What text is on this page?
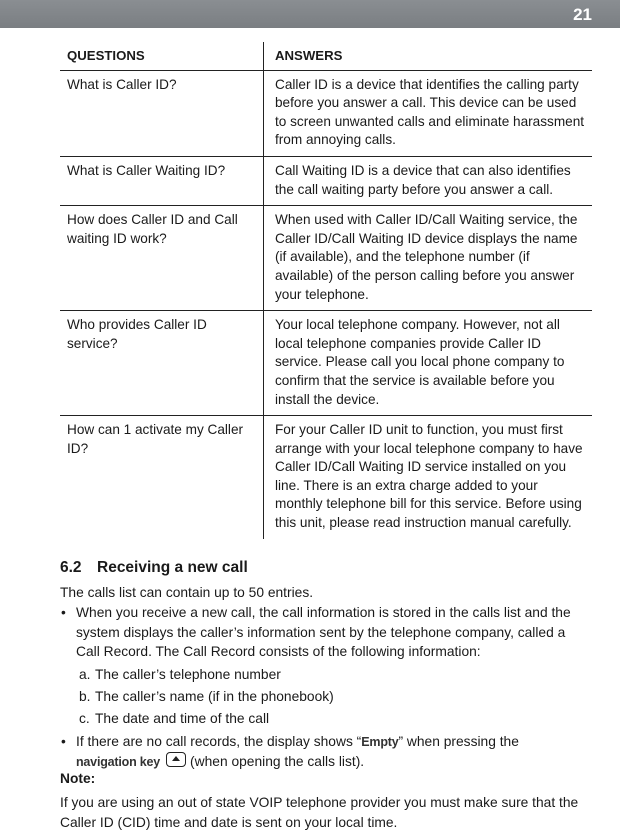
21
QUESTIONS	ANSWERS
What is Caller ID?	Caller ID is a device that identifies the calling party before you answer a call. This device can be used to screen unwanted calls and eliminate harassment from annoying calls.
What is Caller Waiting ID?	Call Waiting ID is a device that can also identifies the call waiting party before you answer a call.
How does Caller ID and Call waiting ID work?	When used with Caller ID/Call Waiting service, the Caller ID/Call Waiting ID device displays the name (if available), and the telephone number (if available) of the person calling before you answer your telephone.
Who provides Caller ID service?	Your local telephone company. However, not all local telephone companies provide Caller ID service. Please call you local phone company to confirm that the service is available before you install the device.
How can 1 activate my Caller ID?	For your Caller ID unit to function, you must first arrange with your local telephone company to have Caller ID/Call Waiting ID service installed on you line. There is an extra charge added to your monthly telephone bill for this service. Before using this unit, please read instruction manual carefully.
6.2 Receiving a new call
The calls list can contain up to 50 entries.
• When you receive a new call, the call information is stored in the calls list and the system displays the caller’s information sent by the telephone company, called a Call Record. The Call Record consists of the following information:
a. The caller’s telephone number
b. The caller’s name (if in the phonebook)
c. The date and time of the call
• If there are no call records, the display shows “Empty” when pressing the
navigation key (when opening the calls list).
Note:
If you are using an out of state VOIP telephone provider you must make sure that the Caller ID (CID) time and date is sent on your local time.
